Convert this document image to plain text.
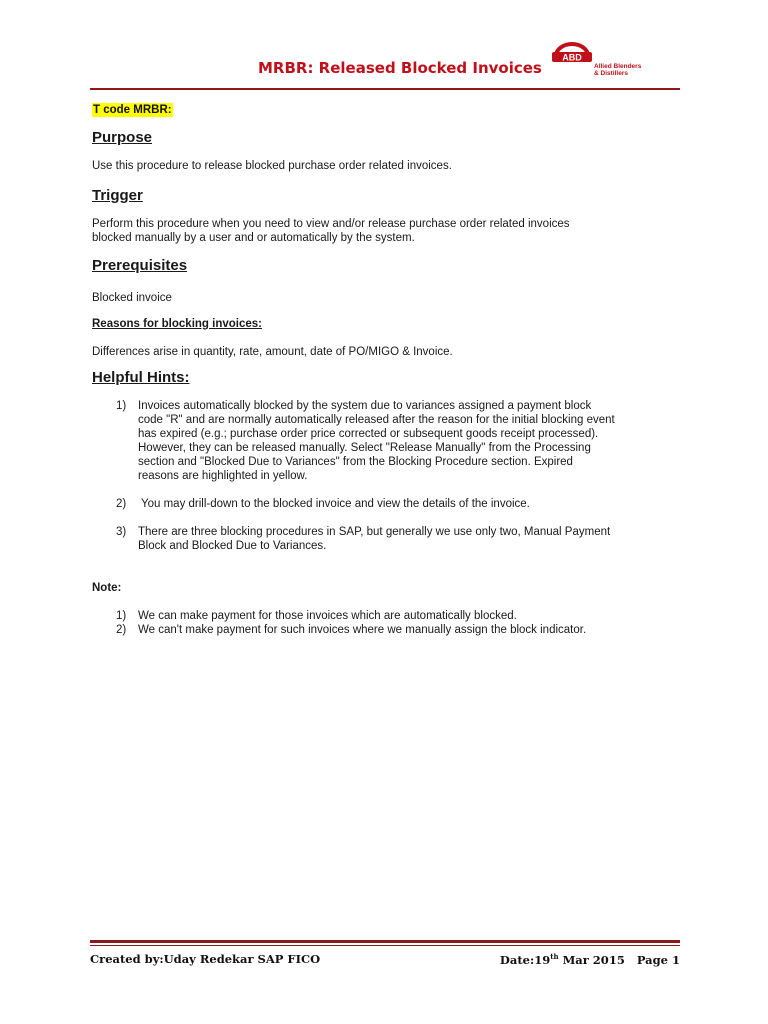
MRBR: Released Blocked Invoices
ABD
Allied Blenders
& Distillers
T code MRBR:
Purpose
Use this procedure to release blocked purchase order related invoices.
Trigger
Perform this procedure when you need to view and/or release purchase order related invoices
blocked manually by a user and or automatically by the system.
Prerequisites
Blocked invoice
Reasons for blocking invoices:
Differences arise in quantity, rate, amount, date of PO/MIGO & Invoice.
Helpful Hints:
1) Invoices automatically blocked by the system due to variances assigned a payment block
code "R" and are normally automatically released after the reason for the initial blocking event
has expired (e.g.; purchase order price corrected or subsequent goods receipt processed).
However, they can be released manually. Select "Release Manually" from the Processing
section and "Blocked Due to Variances" from the Blocking Procedure section. Expired
reasons are highlighted in yellow.
2) You may drill-down to the blocked invoice and view the details of the invoice.
3) There are three blocking procedures in SAP, but generally we use only two, Manual Payment
Block and Blocked Due to Variances.
Note:
1) We can make payment for those invoices which are automatically blocked.
2) We can't make payment for such invoices where we manually assign the block indicator.
Created by:Uday Redekar SAP FICO	Date:19th Mar 2015 Page 1
